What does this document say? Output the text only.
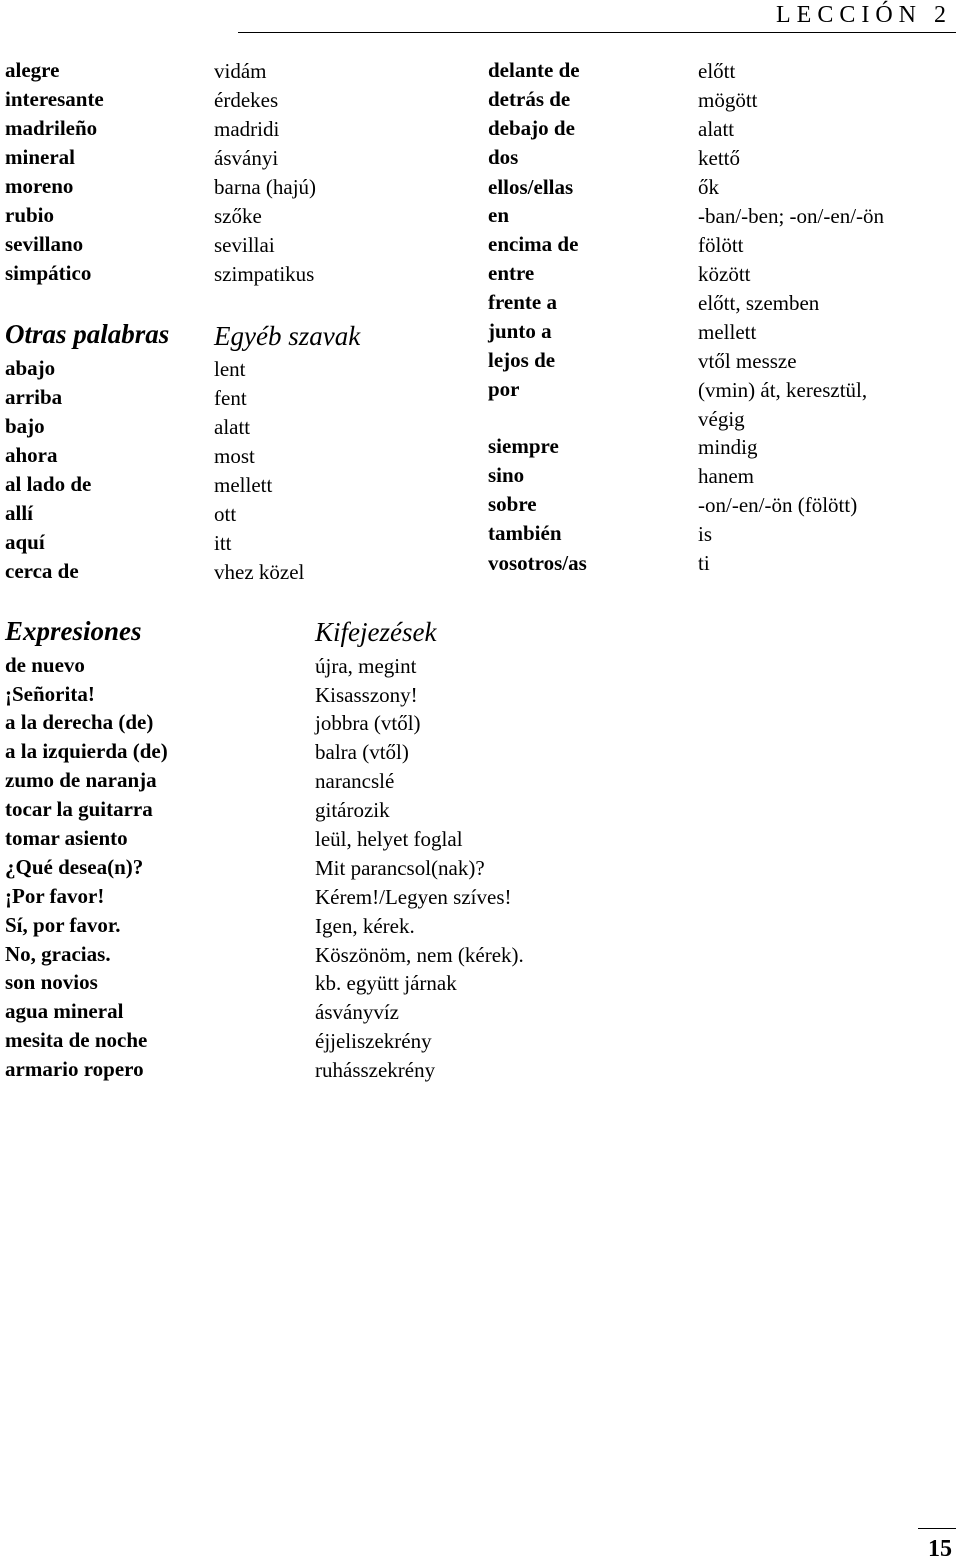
LECCIÓN 2
alegre
interesante
madrileño
mineral
moreno
rubio
sevillano
simpático
Otras palabras
abajo
arriba
bajo
ahora
al lado de
allí
aquí
cerca de
vidám
érdekes
madridi
ásványi
barna (hajú)
szőke
sevillai
szimpatikus
Egyéb szavak
lent
fent
alatt
most
mellett
ott
itt
vhez közel
delante de
detrás de
debajo de
dos
ellos/ellas
en
encima de
entre
frente a
junto a
lejos de
por
siempre
sino
sobre
también
vosotros/as
előtt
mögött
alatt
kettő
ők
-ban/-ben; -on/-en/-ön
fölött
között
előtt, szemben
mellett
vtől messze
(vmin) át, keresztül,
végig
mindig
hanem
-on/-en/-ön (fölött)
is
ti
Expresiones
de nuevo
¡Señorita!
a la derecha (de)
a la izquierda (de)
zumo de naranja
tocar la guitarra
tomar asiento
¿Qué desea(n)?
¡Por favor!
Sí, por favor.
No, gracias.
son novios
agua mineral
mesita de noche
armario ropero
Kifejezések
újra, megint
Kisasszony!
jobbra (vtől)
balra (vtől)
narancslé
gitározik
leül, helyet foglal
Mit parancsol(nak)?
Kérem!/Legyen szíves!
Igen, kérek.
Köszönöm, nem (kérek).
kb. együtt járnak
ásványvíz
éjjeliszekrény
ruhásszekrény
15
